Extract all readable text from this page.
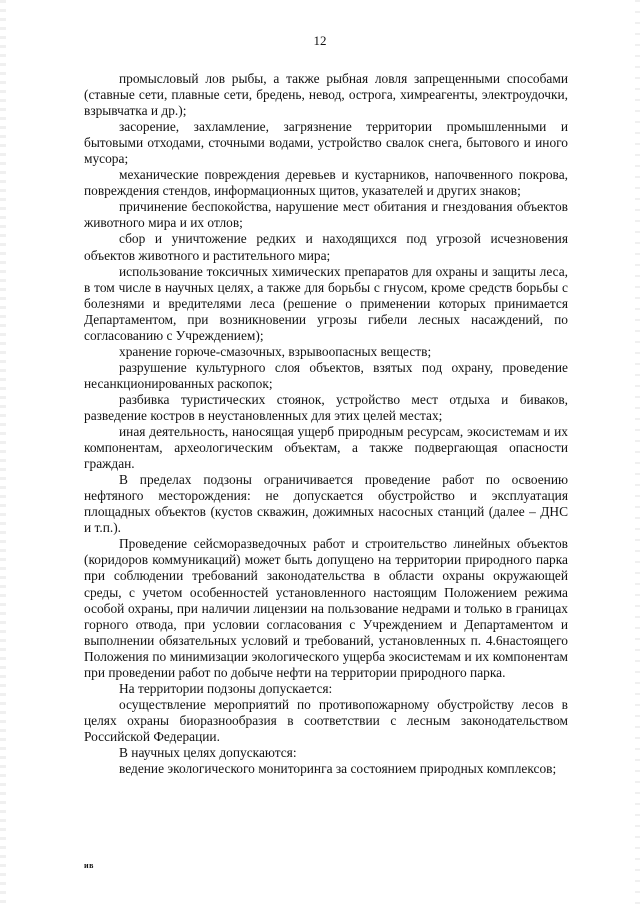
12

промысловый лов рыбы, а также рыбная ловля запрещенными способами (ставные сети, плавные сети, бредень, невод, острога, химреагенты, электроудочки, взрывчатка и др.);

засорение, захламление, загрязнение территории промышленными и бытовыми отходами, сточными водами, устройство свалок снега, бытового и иного мусора;

механические повреждения деревьев и кустарников, напочвенного покрова, повреждения стендов, информационных щитов, указателей и других знаков;

причинение беспокойства, нарушение мест обитания и гнездования объектов животного мира и их отлов;

сбор и уничтожение редких и находящихся под угрозой исчезновения объектов животного и растительного мира;

использование токсичных химических препаратов для охраны и защиты леса, в том числе в научных целях, а также для борьбы с гнусом, кроме средств борьбы с болезнями и вредителями леса (решение о применении которых принимается Департаментом, при возникновении угрозы гибели лесных насаждений, по согласованию с Учреждением);

хранение горюче-смазочных, взрывоопасных веществ;

разрушение культурного слоя объектов, взятых под охрану, проведение несанкционированных раскопок;

разбивка туристических стоянок, устройство мест отдыха и биваков, разведение костров в неустановленных для этих целей местах;

иная деятельность, наносящая ущерб природным ресурсам, экосистемам и их компонентам, археологическим объектам, а также подвергающая опасности граждан.

В пределах подзоны ограничивается проведение работ по освоению нефтяного месторождения: не допускается обустройство и эксплуатация площадных объектов (кустов скважин, дожимных насосных станций (далее – ДНС и т.п.).

Проведение сейсморазведочных работ и строительство линейных объектов (коридоров коммуникаций) может быть допущено на территории природного парка при соблюдении требований законодательства в области охраны окружающей среды, с учетом особенностей установленного настоящим Положением режима особой охраны, при наличии лицензии на пользование недрами и только в границах горного отвода, при условии согласования с Учреждением и Департаментом и выполнении обязательных условий и требований, установленных п. 4.6настоящего Положения по минимизации экологического ущерба экосистемам и их компонентам при проведении работ по добыче нефти на территории природного парка.

На территории подзоны допускается:

осуществление мероприятий по противопожарному обустройству лесов в целях охраны биоразнообразия в соответствии с лесным законодательством Российской Федерации.

В научных целях допускаются:

ведение экологического мониторинга за состоянием природных комплексов;

ив
